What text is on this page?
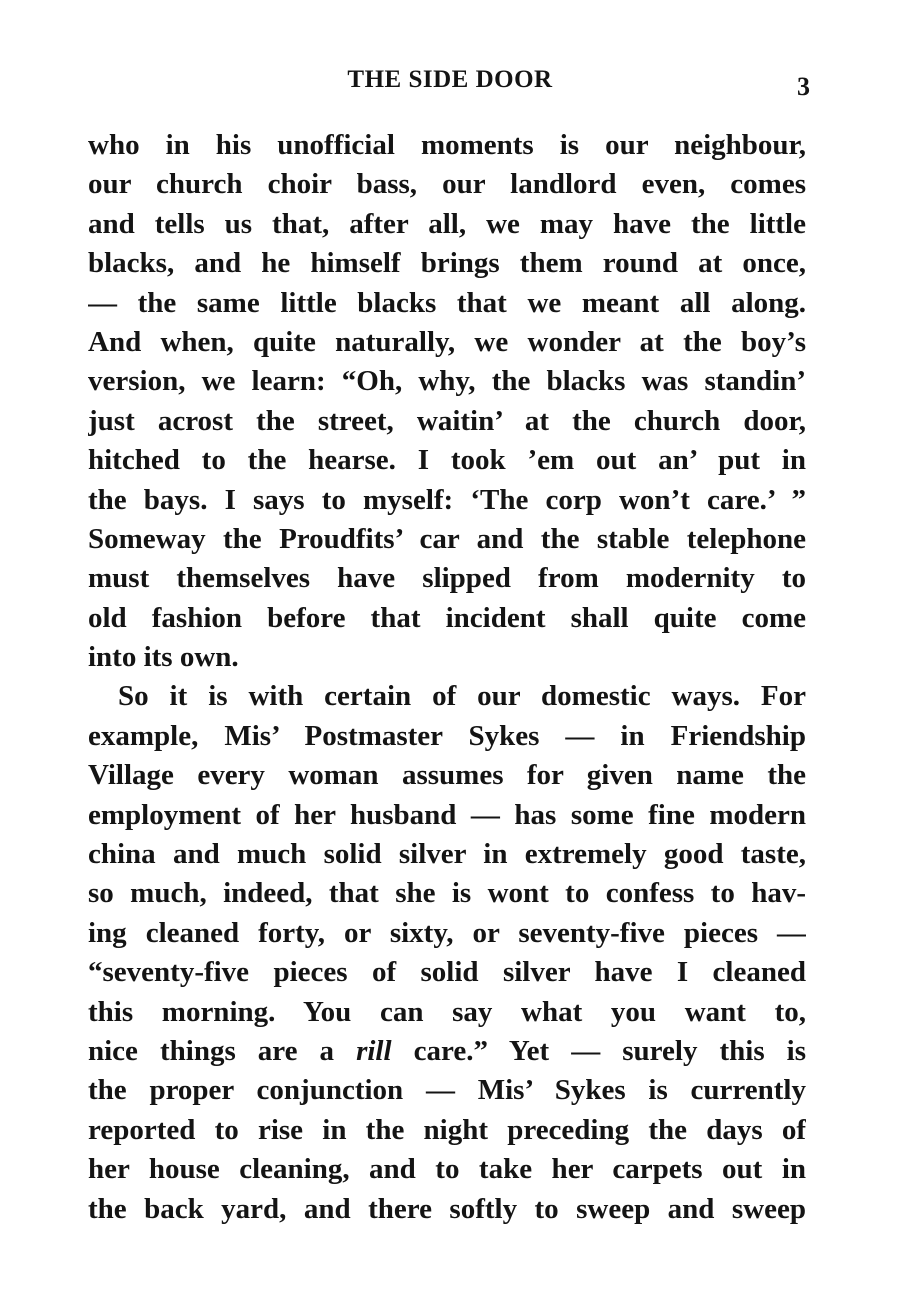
THE SIDE DOOR	3
who in his unofficial moments is our neighbour,
our church choir bass, our landlord even, comes
and tells us that, after all, we may have the little
blacks, and he himself brings them round at once,
— the same little blacks that we meant all along.
And when, quite naturally, we wonder at the boy’s
version, we learn: “Oh, why, the blacks was standin’
just acrost the street, waitin’ at the church door,
hitched to the hearse. I took ’em out an’ put in
the bays. I says to myself: ‘The corp won’t care.’ ”
Someway the Proudfits’ car and the stable telephone
must themselves have slipped from modernity to
old fashion before that incident shall quite come
into its own.
So it is with certain of our domestic ways. For
example, Mis’ Postmaster Sykes — in Friendship
Village every woman assumes for given name the
employment of her husband — has some fine modern
china and much solid silver in extremely good taste,
so much, indeed, that she is wont to confess to hav-
ing cleaned forty, or sixty, or seventy-five pieces —
“seventy-five pieces of solid silver have I cleaned
this morning. You can say what you want to,
nice things are a rill care.” Yet — surely this is
the proper conjunction — Mis’ Sykes is currently
reported to rise in the night preceding the days of
her house cleaning, and to take her carpets out in
the back yard, and there softly to sweep and sweep
